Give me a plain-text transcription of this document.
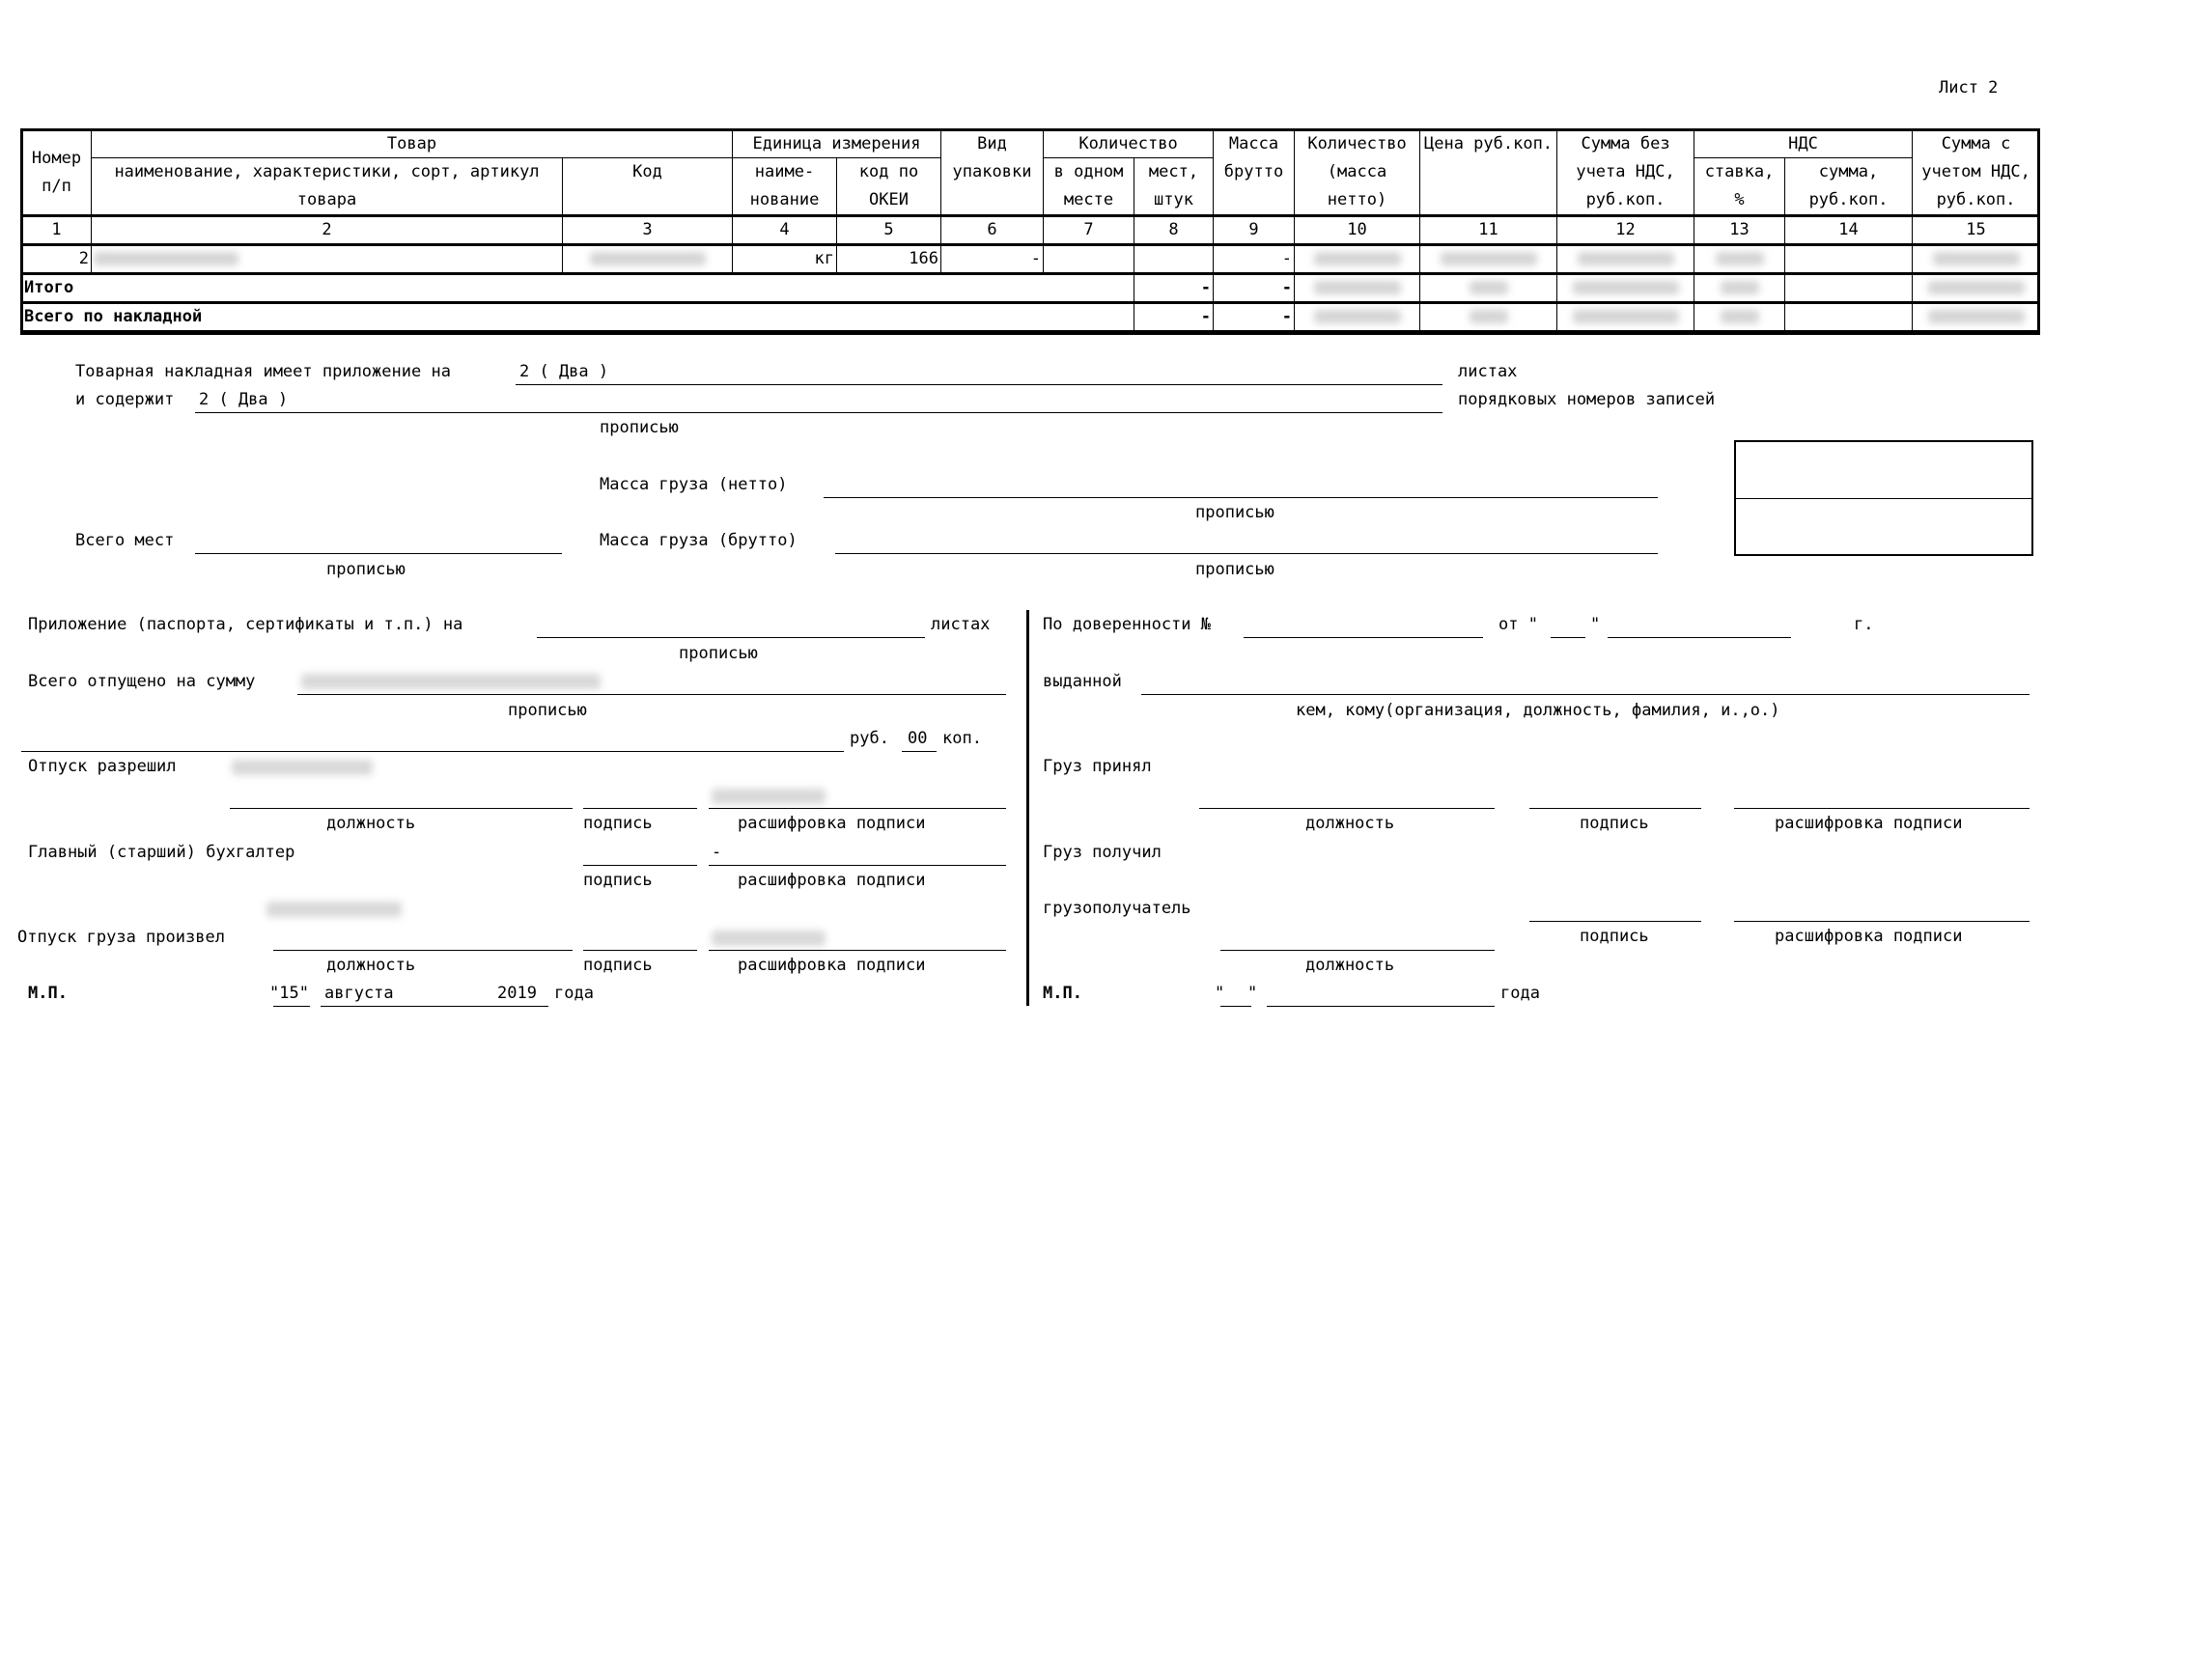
Лист 2
Номер п/п	Товар		Единица измерения		Вид упаковки	Количество		Масса брутто	Количество (масса нетто)	Цена руб.коп.	Сумма без учета НДС, руб.коп.	НДС		Сумма с учетом НДС, руб.коп.
	наименование, характеристики, сорт, артикул товара	Код	наиме-нование	код по ОКЕИ		в одном месте	мест, штук					ставка, %	сумма, руб.коп.	

1	2	3	4	5	6	7	8	9	10	11	12	13	14	15
2			кг	166	-			-						
Итого							-	-						
Всего по накладной							-	-						
Товарная накладная имеет приложение на	2 ( Два )	листах
и содержит 2 ( Два )	порядковых номеров записей
прописью
Масса груза (нетто)
прописью
Всего мест	Масса груза (брутто)
прописью	прописью
Приложение (паспорта, сертификаты и т.п.) на	листах
прописью
Всего отпущено на сумму
прописью
руб. 00 коп.
Отпуск разрешил
должность	подпись	расшифровка подписи
Главный (старший) бухгалтер	-
подпись	расшифровка подписи
Отпуск груза произвел
должность	подпись	расшифровка подписи
М.П.	"15" августа	2019 года
По доверенности №	от "	"	г.
выданной
кем, кому(организация, должность, фамилия, и.,о.)
Груз принял
должность	подпись	расшифровка подписи
Груз получил
грузополучатель
подпись	расшифровка подписи
должность
М.П.	" "	года
